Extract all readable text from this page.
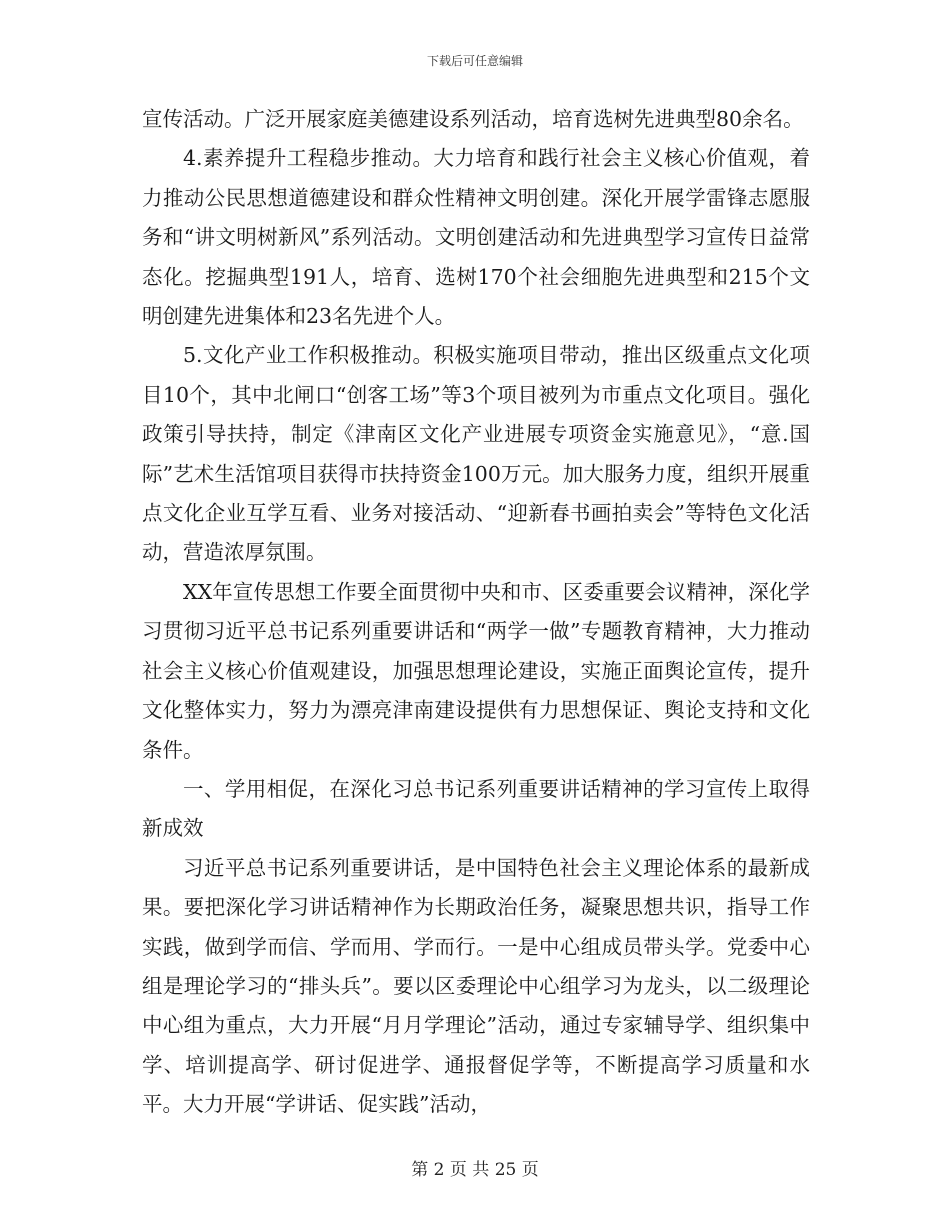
下载后可任意编辑

宣传活动。广泛开展家庭美德建设系列活动，培育选树先进典型80余名。

4.素养提升工程稳步推动。大力培育和践行社会主义核心价值观，着力推动公民思想道德建设和群众性精神文明创建。深化开展学雷锋志愿服务和“讲文明树新风”系列活动。文明创建活动和先进典型学习宣传日益常态化。挖掘典型191人，培育、选树170个社会细胞先进典型和215个文明创建先进集体和23名先进个人。

5.文化产业工作积极推动。积极实施项目带动，推出区级重点文化项目10个，其中北闸口“创客工场”等3个项目被列为市重点文化项目。强化政策引导扶持，制定《津南区文化产业进展专项资金实施意见》，“意.国际”艺术生活馆项目获得市扶持资金100万元。加大服务力度，组织开展重点文化企业互学互看、业务对接活动、“迎新春书画拍卖会”等特色文化活动，营造浓厚氛围。

XX年宣传思想工作要全面贯彻中央和市、区委重要会议精神，深化学习贯彻习近平总书记系列重要讲话和“两学一做”专题教育精神，大力推动社会主义核心价值观建设，加强思想理论建设，实施正面舆论宣传，提升文化整体实力，努力为漂亮津南建设提供有力思想保证、舆论支持和文化条件。

一、学用相促，在深化习总书记系列重要讲话精神的学习宣传上取得新成效

习近平总书记系列重要讲话，是中国特色社会主义理论体系的最新成果。要把深化学习讲话精神作为长期政治任务，凝聚思想共识，指导工作实践，做到学而信、学而用、学而行。一是中心组成员带头学。党委中心组是理论学习的“排头兵”。要以区委理论中心组学习为龙头，以二级理论中心组为重点，大力开展“月月学理论”活动，通过专家辅导学、组织集中学、培训提高学、研讨促进学、通报督促学等，不断提高学习质量和水平。大力开展“学讲话、促实践”活动，

第 2 页 共 25 页
